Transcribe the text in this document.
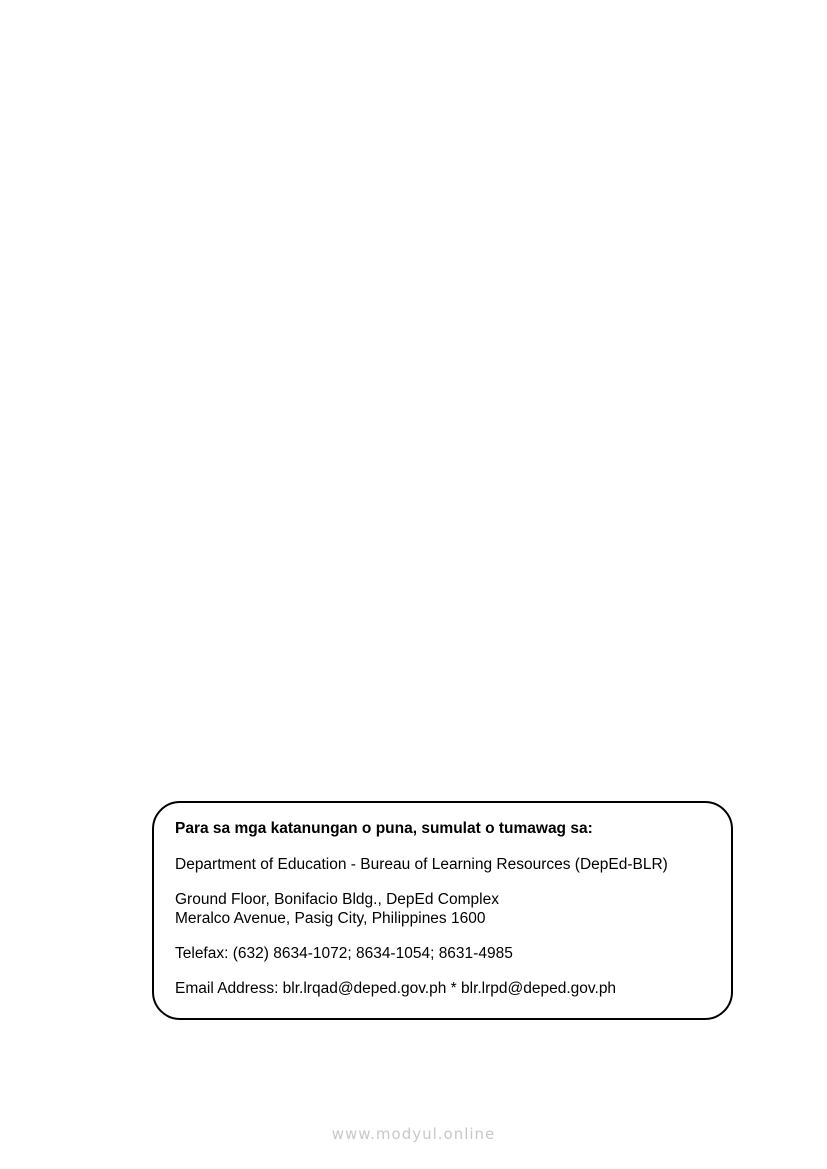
Para sa mga katanungan o puna, sumulat o tumawag sa:

Department of Education - Bureau of Learning Resources (DepEd-BLR)

Ground Floor, Bonifacio Bldg., DepEd Complex

Meralco Avenue, Pasig City, Philippines 1600

Telefax: (632) 8634-1072; 8634-1054; 8631-4985

Email Address: blr.lrqad@deped.gov.ph * blr.lrpd@deped.gov.ph

www.modyul.online
